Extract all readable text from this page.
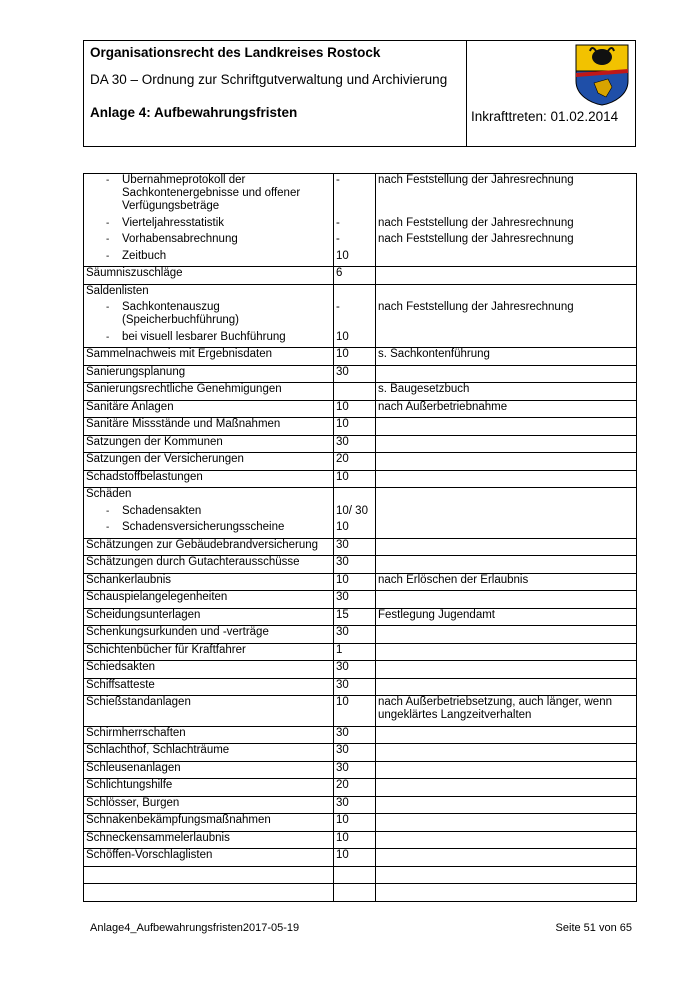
Organisationsrecht des Landkreises Rostock
DA 30 – Ordnung zur Schriftgutverwaltung und Archivierung
Anlage 4: Aufbewahrungsfristen	Inkrafttreten: 01.02.2014
- Übernahmeprotokoll der Sachkontenergebnisse und offener Verfügungsbeträge	-	nach Feststellung der Jahresrechnung

- Vierteljahresstatistik	-	nach Feststellung der Jahresrechnung

- Vorhabensabrechnung	-	nach Feststellung der Jahresrechnung

- Zeitbuch	10	
Säumniszuschläge	6	
Saldenlisten		

- Sachkontenauszug (Speicherbuchführung)	-	nach Feststellung der Jahresrechnung

- bei visuell lesbarer Buchführung	10	
Sammelnachweis mit Ergebnisdaten	10	s. Sachkontenführung
Sanierungsplanung	30	
Sanierungsrechtliche Genehmigungen		s. Baugesetzbuch
Sanitäre Anlagen	10	nach Außerbetriebnahme
Sanitäre Missstände und Maßnahmen	10	
Satzungen der Kommunen	30	
Satzungen der Versicherungen	20	
Schadstoffbelastungen	10	
Schäden		

- Schadensakten	10/ 30	

- Schadensversicherungsscheine	10	
Schätzungen zur Gebäudebrandversicherung	30	
Schätzungen durch Gutachterausschüsse	30	
Schankerlaubnis	10	nach Erlöschen der Erlaubnis
Schauspielangelegenheiten	30	
Scheidungsunterlagen	15	Festlegung Jugendamt
Schenkungsurkunden und -verträge	30	
Schichtenbücher für Kraftfahrer	1	
Schiedsakten	30	
Schiffsatteste	30	
Schießstandanlagen	10	nach Außerbetriebsetzung, auch länger, wenn ungeklärtes Langzeitverhalten
Schirmherrschaften	30	
Schlachthof, Schlachträume	30	
Schleusenanlagen	30	
Schlichtungshilfe	20	
Schlösser, Burgen	30	
Schnakenbekämpfungsmaßnahmen	10	
Schneckensammelerlaubnis	10	
Schöffen-Vorschlaglisten	10	

Anlage4_Aufbewahrungsfristen2017-05-19	Seite 51 von 65
